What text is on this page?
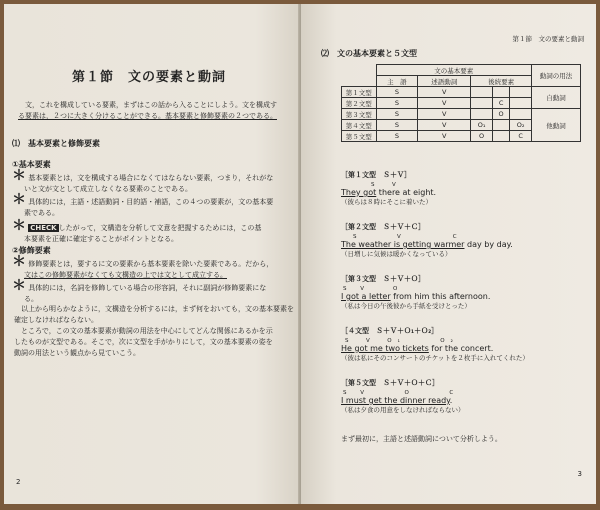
第１節　文の要素と動詞
文，これを構成している要素，まずはこの話から入ることにしよう。文を構成す
る要素は，２つに大きく分けることができる。基本要素と修飾要素の２つである。
⑴　基本要素と修飾要素
①基本要素
＊ 基本要素とは，文を構成する場合になくてはならない要素，つまり，それがな
いと文が文として成立しなくなる要素のことである。
＊ 具体的には，主語・述語動詞・目的語・補語，この４つの要素が，文の基本要
素である。
＊ CHECK したがって，文構造を分析して文意を把握するためには，この基
本要素を正確に確定することがポイントとなる。
②修飾要素
＊ 修飾要素とは，要するに文の要素から基本要素を除いた要素である。だから，
文はこの修飾要素がなくても文構造の上では文として成立する。
＊ 具体的には，名詞を修飾している場合の形容詞，それに副詞が修飾要素にな
る。
以上から明らかなように，文構造を分析するには，まず何をおいても，文の基本要素を
確定しなければならない。
ところで，この文の基本要素が動詞の用法を中心にしてどんな関係にあるかを示
したものが文型である。そこで，次に文型を手がかりにして，文の基本要素の姿を
動詞の用法という観点から見ていこう。
2
第１節　文の要素と動詞
⑵　文の基本要素と５文型
	文の基本要素					動詞の用法
	主　語	述語動詞	後続要素			
第１文型	S	V				自動詞
第２文型	S	V		C		
第３文型	S	V		O		他動詞
第４文型	S	V	O₁		O₂	
第５文型	S	V	O		C	
［第１文型　Ｓ＋Ｖ］
S　V
They got there at eight.
（彼らは８時にそこに着いた）
［第２文型　Ｓ＋Ｖ＋Ｃ］
S　　　V　　　　C
The weather is getting warmer day by day.
（日増しに気候は暖かくなっている）
［第３文型　Ｓ＋Ｖ＋Ｏ］
S V　　O
I got a letter from him this afternoon.
（私は今日の午後彼から手紙を受けとった）
［４文型　Ｓ＋Ｖ＋Ｏ₁＋Ｏ₂］
S　V　O₁　　　O₂
He got me two tickets for the concert.
（彼は私にそのコンサートのチケットを２枚手に入れてくれた）
［第５文型　Ｓ＋Ｖ＋Ｏ＋Ｃ］
S V　　　O　　　C
I must get the dinner ready.
（私は夕食の用意をしなければならない）
まず最初に，主語と述語動詞について分析しよう。
3
